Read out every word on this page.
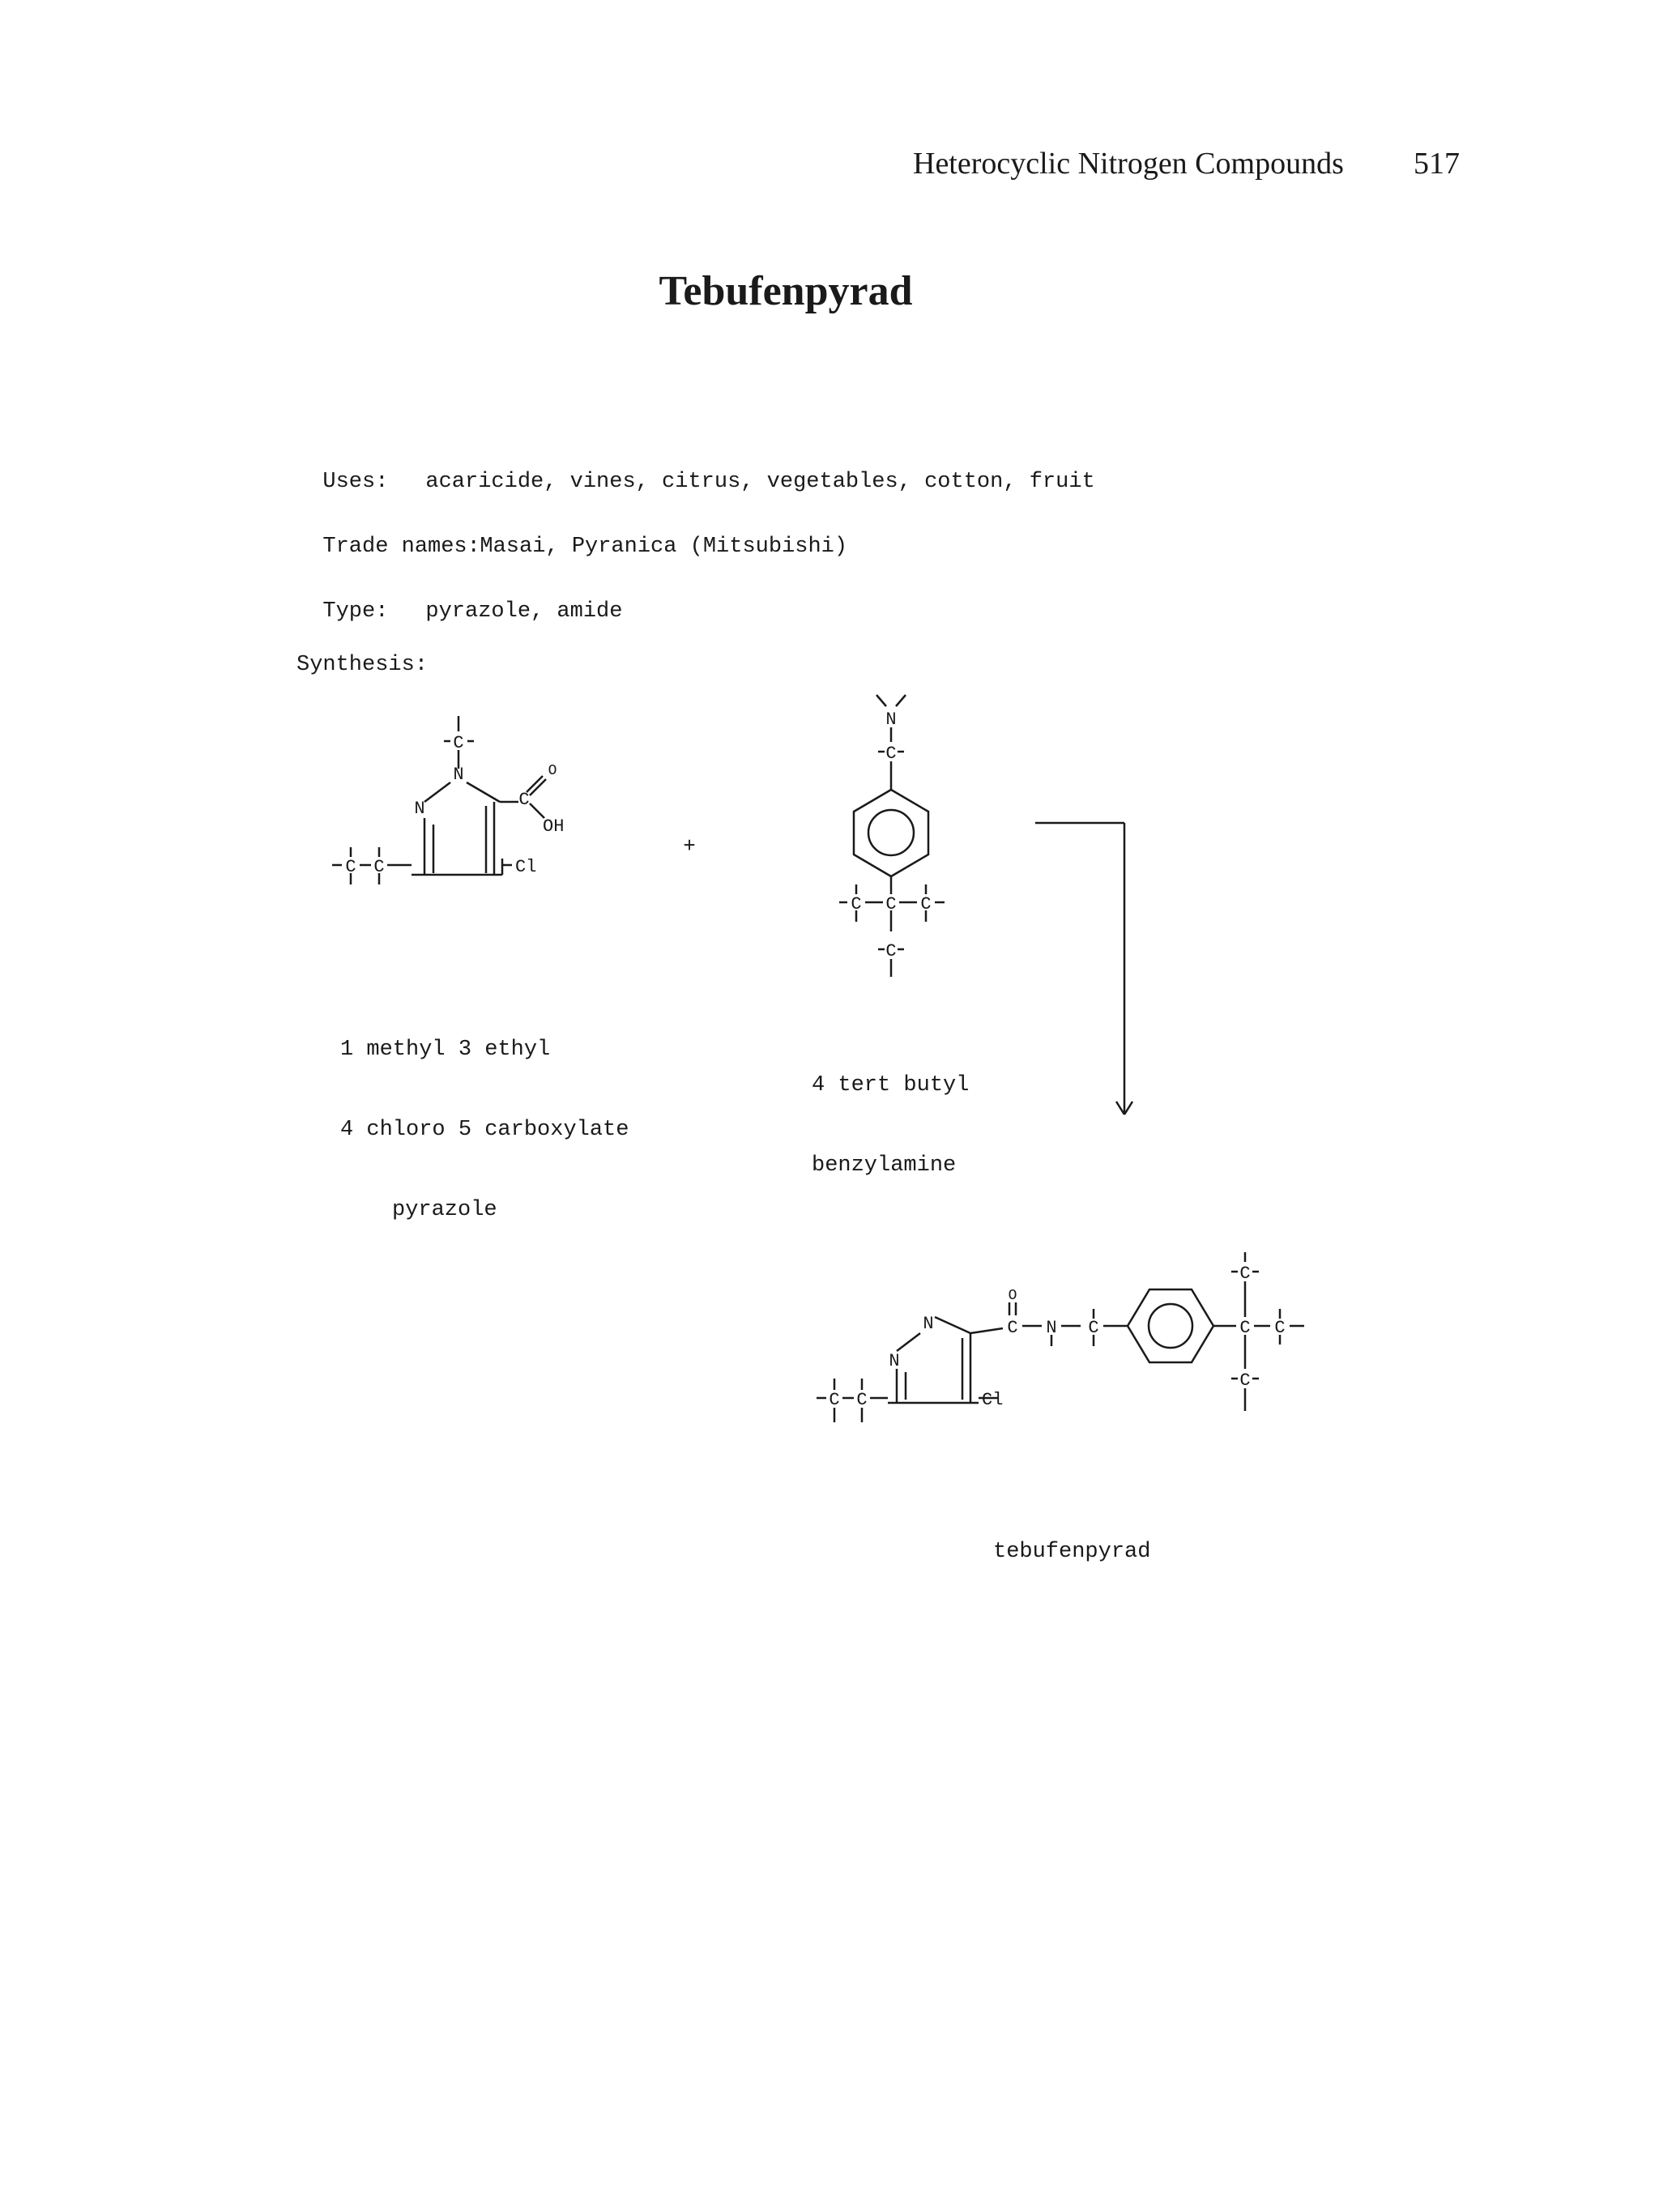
Heterocyclic Nitrogen Compounds 517
Tebufenpyrad

Uses: acaricide, vines, citrus, vegetables, cotton, fruit

Trade names:Masai, Pyranica (Mitsubishi)

Type: pyrazole, amide

Synthesis:
C
N
N	C
O
OH
Cl
C C
N
C
C C C
C
N
N
O
C N C
C
C C
C
Cl
C C
+

1 methyl 3 ethyl

4 chloro 5 carboxylate

pyrazole

4 tert butyl

benzylamine

tebufenpyrad
